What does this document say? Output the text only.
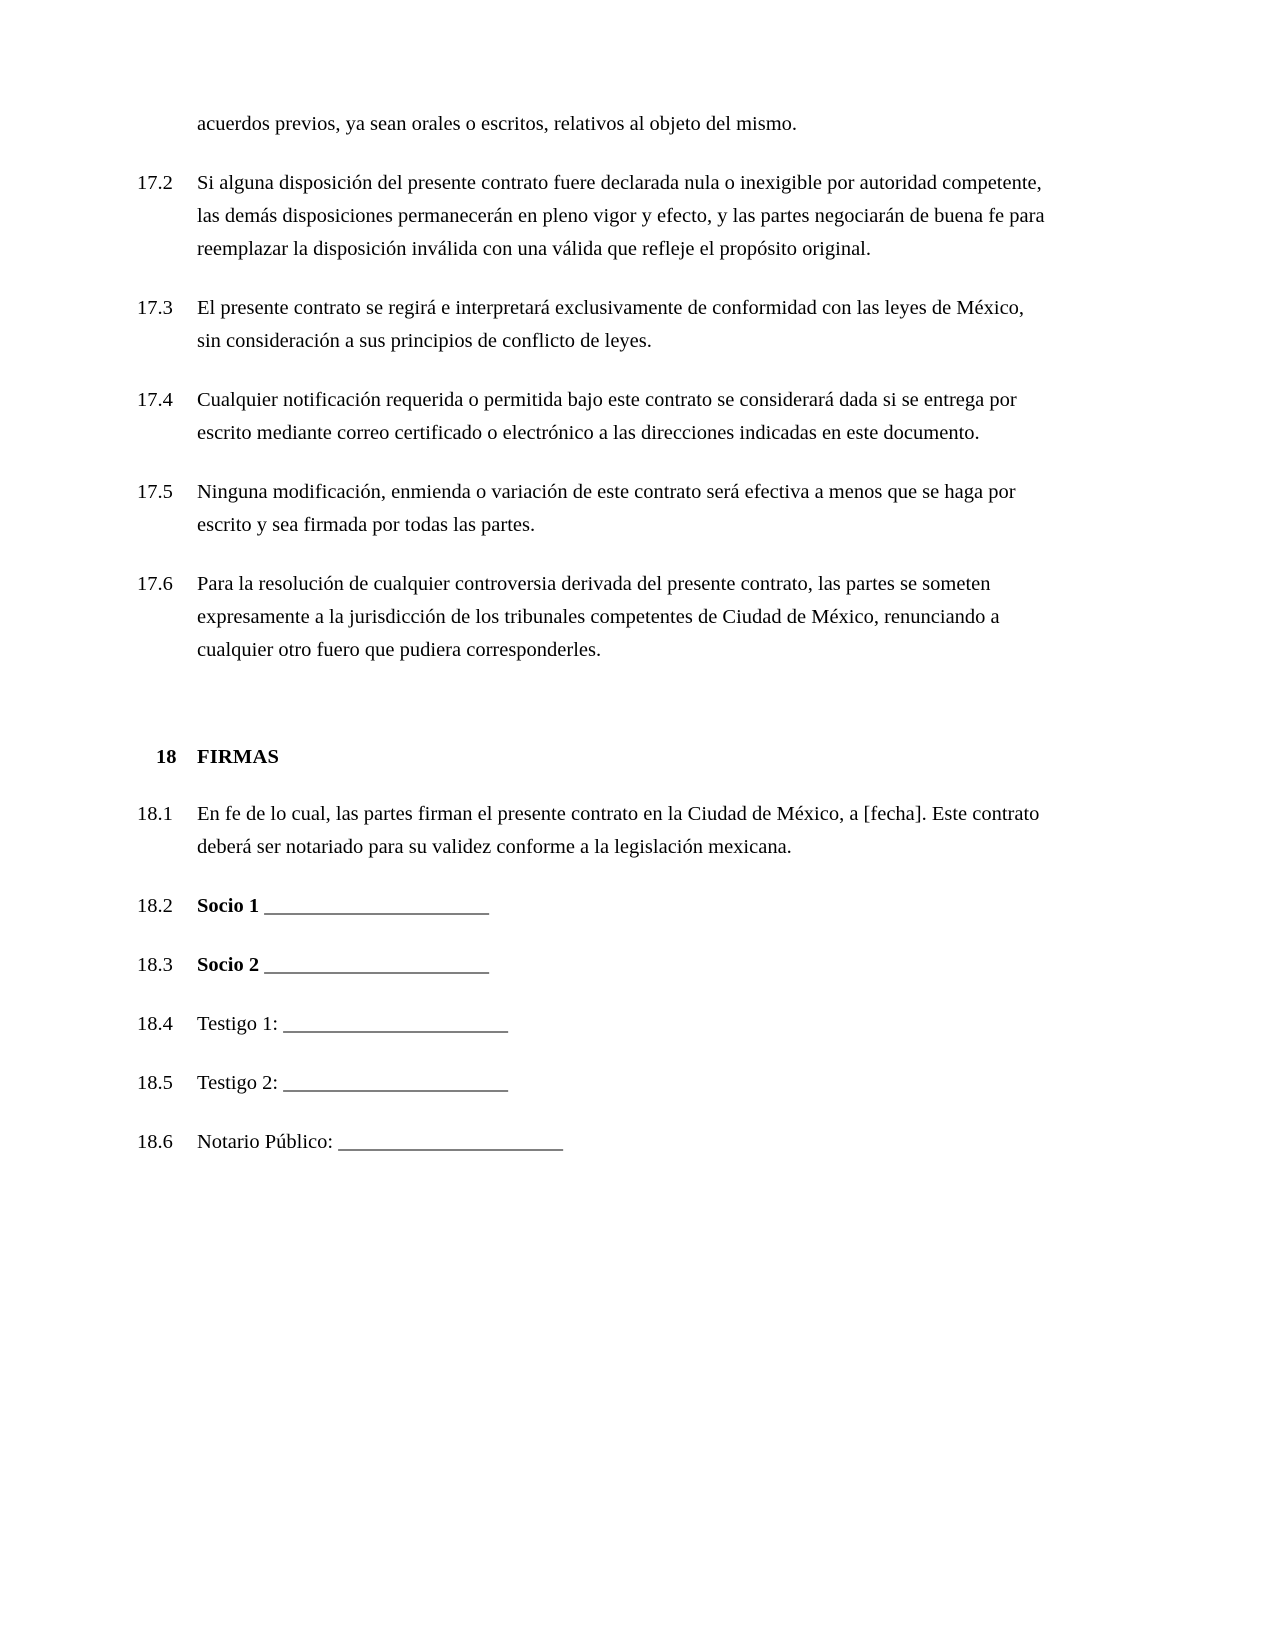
acuerdos previos, ya sean orales o escritos, relativos al objeto del mismo.

17.2	Si alguna disposición del presente contrato fuere declarada nula o inexigible por autoridad competente, las demás disposiciones permanecerán en pleno vigor y efecto, y las partes negociarán de buena fe para reemplazar la disposición inválida con una válida que refleje el propósito original.
17.3	El presente contrato se regirá e interpretará exclusivamente de conformidad con las leyes de México, sin consideración a sus principios de conflicto de leyes.
17.4	Cualquier notificación requerida o permitida bajo este contrato se considerará dada si se entrega por escrito mediante correo certificado o electrónico a las direcciones indicadas en este documento.
17.5	Ninguna modificación, enmienda o variación de este contrato será efectiva a menos que se haga por escrito y sea firmada por todas las partes.
17.6	Para la resolución de cualquier controversia derivada del presente contrato, las partes se someten expresamente a la jurisdicción de los tribunales competentes de Ciudad de México, renunciando a cualquier otro fuero que pudiera corresponderles.
18	FIRMAS
18.1	En fe de lo cual, las partes firman el presente contrato en la Ciudad de México, a [fecha]. Este contrato deberá ser notariado para su validez conforme a la legislación mexicana.
18.2	Socio 1 _______________________
18.3	Socio 2 _______________________
18.4	Testigo 1: _______________________
18.5	Testigo 2: _______________________
18.6	Notario Público: _______________________
